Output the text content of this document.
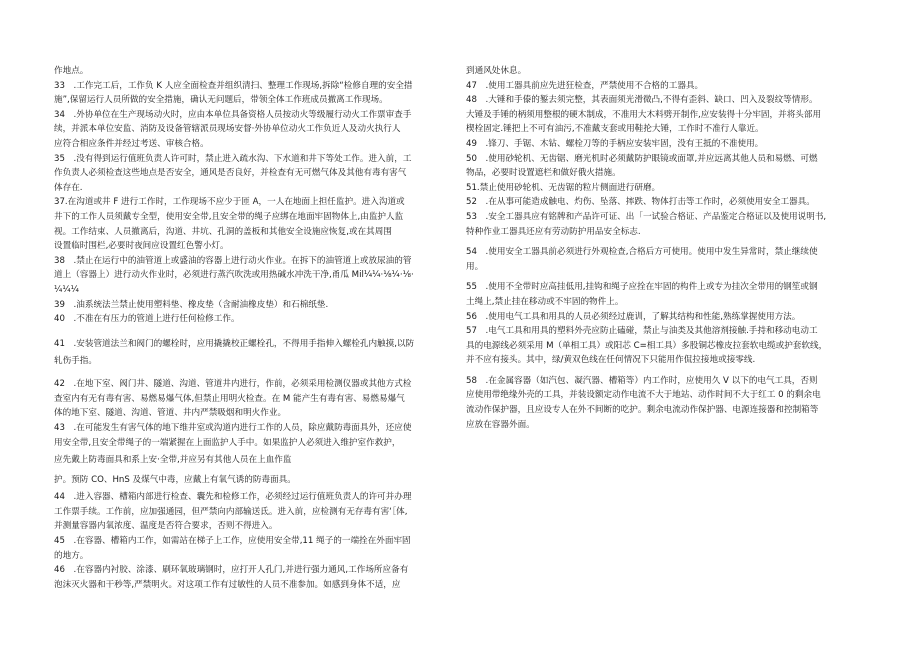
作地点。
33　.工作完工后，工作负 K 人应全面检查并组织清扫、整理工作现场,拆除“检修自理的安全措
施”,保留运行人员所做的安全措施，确认无问题后，带领全体工作班成员撤离工作现场。
34　.外协单位在生产现场动火时，应由本单位具备资格人员按动火等级履行动火工作票审查手
续，并派本单位安监、消防及设备管辖派员现场安督·外协单位动火工作负近人及动火执行人
应符合相应条件并经过考送、审核合格。
35　.没有得到运行值班负责人许可时，禁止进入疏水沟、下水道和井下等处工作。进入前，工
作负责人必须检查这些地点是否安全，通风是否良好，并检查有无可燃气体及其他有毒有害气
体存在.
37.在沟道或井 F 进行工作时，工作现场不应少于匝 A，一人在地面上担任监护。进入沟道或
井下的工作人员须戴专全型，使用安全带,且安全带的绳子应绑在地面牢固物体上,由监护人监
视。工作结束、人员撤离后，沟道、井坑、孔洞的盖板和其他安全设施应恢复,或在其周围
设置临时围栏,必要时夜间应设置红色警小灯。
38　.禁止在运行中的油管道上或盛油的容器上进行动火作业。在拆下的油管道上或放尿油的管
道上（容器上）进行动火作业时，必须进行蒸汽吹洗或用热碱水冲洗干净,甬瓜 Mil¼¼·⅛¼·⅛·
¼¼¼
39　.油系统法兰禁止使用塑料垫、橡皮垫（含耐油橡皮垫）和石棉纸垫.
40　.不准在有压力的管道上进行任何检修工作。
41　.安装管道法兰和阀门的螺栓时，应用撬撬校正螺栓孔，不得用手指伸入螺栓孔内触摸,以防
轧伤手指。
42　.在地下室、阀门井、隧道、沟道、管道井内进行，作前，必须采用检测仪器或其他方式检
查室内有无有毒有害、易燃易爆气体,但禁止用明火检查。在 M 能产生有毒有害、易燃易爆气
体的地下室、隧道、沟道、管道、井内严禁吸烟和明火作业。
43　.在可能发生有害气体的地下维井室或沟道内进行工作的人员，除应戴防毒面具外，还应使
用安全带,且安全带绳子的一端紧握在上面监护人手中。如果监护人必须进入维护室作救护，
应先戴上防毒面具和系上安·全带,并应另有其他人员在上血作监
护。预防 CO、HnS 及煤气中毒，应戴上有氧气诱的防毒面具。
44　.进入容器、槽箱内部进行检查、囊先和检修工作，必须经过运行值班负责人的许可并办理
工作票手续。工作前，应加强通园，但严禁向内部输送氐。进入前，应检测有无存毒有害‘［体,
并测量容器内氧浓度、温度是否符合要求，否则不得进入。
45　.在容器、槽箱内工作，如需站在梯子上工作，应使用安全带,11 绳子的一端拴在外面牢固
的地方。
46　.在容器内衬胶、涂漆、刷环氧玻璃钢时，应打开人孔门,并进行强力通风,工作场所应备有
泡沫灭火器和干秒等,严禁明火。对这项工作有过敏性的人员不准参加。如感到身体不适，应
到通风处休息。
47　.使用工器具前应先进狂检查，严禁使用不合格的工器具。
48　.大锤和手傣的錾去须完整，其表面须光滑微凸,不得有歪斜、缺口、凹入及裂纹等情形。
大锤及手锤的柄须用整根的硬木制成，不准用大木料劈开制作,应安装得十分牢固，并将头部用
楔栓固定.锤把上不可有油污,不准戴支套或用鞋抡大锤，工作时不准行人靠近。
49　.锋刀、手锯、木钻、螺栓刀等的手柄应安装牢固，没有王抵的不准使用。
50　.使用砂轮机、无齿锯、磨光机时必须戴防护眼镜或面罩,并应远离其他人员和易燃、可燃
物品，必要时设置遮栏和做好俄火措施。
51.禁止使用砂轮机、无齿锯的粒片侧面进行研磨。
52　.在从事可能造成触电、灼伤、坠落、摔跌、物体打击等工作时，必须使用安全工器具。
53　.安全工器具应有铭牌和产品许可证、出「一试验合格证、产品鉴定合格证以及使用说明书,
特种作业工器具还应有劳动防护用品安全标志.
54　.使用安全工器具前必须进行外观检查,合格后方可使用。使用中发生异常时，禁止继续使
用。
55　.使用不全带时应高挂低用,挂钩和绳子应拴在牢固的构件上或专为挂次全带用的钢笙或钢
土绳上,禁止挂在移动或不牢固的物件上。
56　.使用电气工具和用具的人员必须经过鹿训，了解其结构和性能,熟练掌握使用方法。
57　.电气工具和用具的塑料外壳应防止磕碰，禁止与油类及其他溶剂接触.手持和移动电动工
具的电源线必须采用 M（单相工具）或阳芯 C=相工具）多股铜芯橡皮拉套软电缆或护套软线，
并不应有接头。其中，绿/黄双色线在任何情况下只能用作侃拉接地或接零线.
58　.在金属容器（如汽包、凝汽器、槽箱等）内工作时，应使用久 V 以下的电气工具，否则
应使用带绝缘外壳的工具，并装设额定动作电流不大于地站、动作时间不大于红工 0 的剩余电
流动作保护器，且应设专人在外不间断的吃护。剩余电流动作保护器、电源连接器和控制箱等
应放在容器外面。
